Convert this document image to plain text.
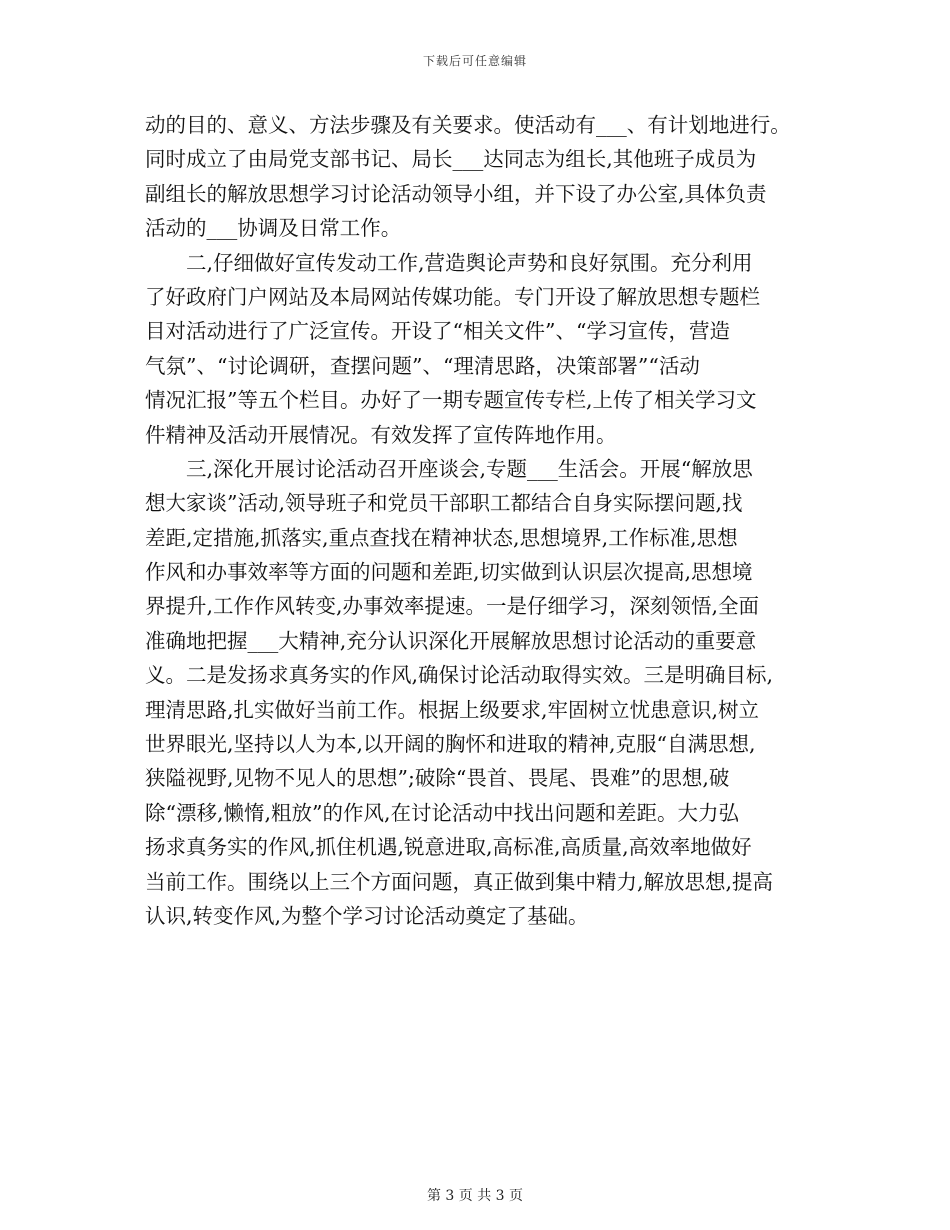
下载后可任意编辑
动的目的、意义、方法步骤及有关要求。使活动有___、有计划地进行。
同时成立了由局党支部书记、局长___达同志为组长,其他班子成员为
副组长的解放思想学习讨论活动领导小组，并下设了办公室,具体负责
活动的___协调及日常工作。
二,仔细做好宣传发动工作,营造舆论声势和良好氛围。充分利用
了好政府门户网站及本局网站传媒功能。专门开设了解放思想专题栏
目对活动进行了广泛宣传。开设了“相关文件”、“学习宣传，营造
气氛”、“讨论调研，查摆问题”、“理清思路，决策部署”“活动
情况汇报”等五个栏目。办好了一期专题宣传专栏,上传了相关学习文
件精神及活动开展情况。有效发挥了宣传阵地作用。
三,深化开展讨论活动召开座谈会,专题___生活会。开展“解放思
想大家谈”活动,领导班子和党员干部职工都结合自身实际摆问题,找
差距,定措施,抓落实,重点查找在精神状态,思想境界,工作标准,思想
作风和办事效率等方面的问题和差距,切实做到认识层次提高,思想境
界提升,工作作风转变,办事效率提速。一是仔细学习，深刻领悟,全面
准确地把握___大精神,充分认识深化开展解放思想讨论活动的重要意
义。二是发扬求真务实的作风,确保讨论活动取得实效。三是明确目标,
理清思路,扎实做好当前工作。根据上级要求,牢固树立忧患意识,树立
世界眼光,坚持以人为本,以开阔的胸怀和进取的精神,克服“自满思想,
狭隘视野,见物不见人的思想”;破除“畏首、畏尾、畏难”的思想,破
除“漂移,懒惰,粗放”的作风,在讨论活动中找出问题和差距。大力弘
扬求真务实的作风,抓住机遇,锐意进取,高标准,高质量,高效率地做好
当前工作。围绕以上三个方面问题，真正做到集中精力,解放思想,提高
认识,转变作风,为整个学习讨论活动奠定了基础。
第 3 页 共 3 页
